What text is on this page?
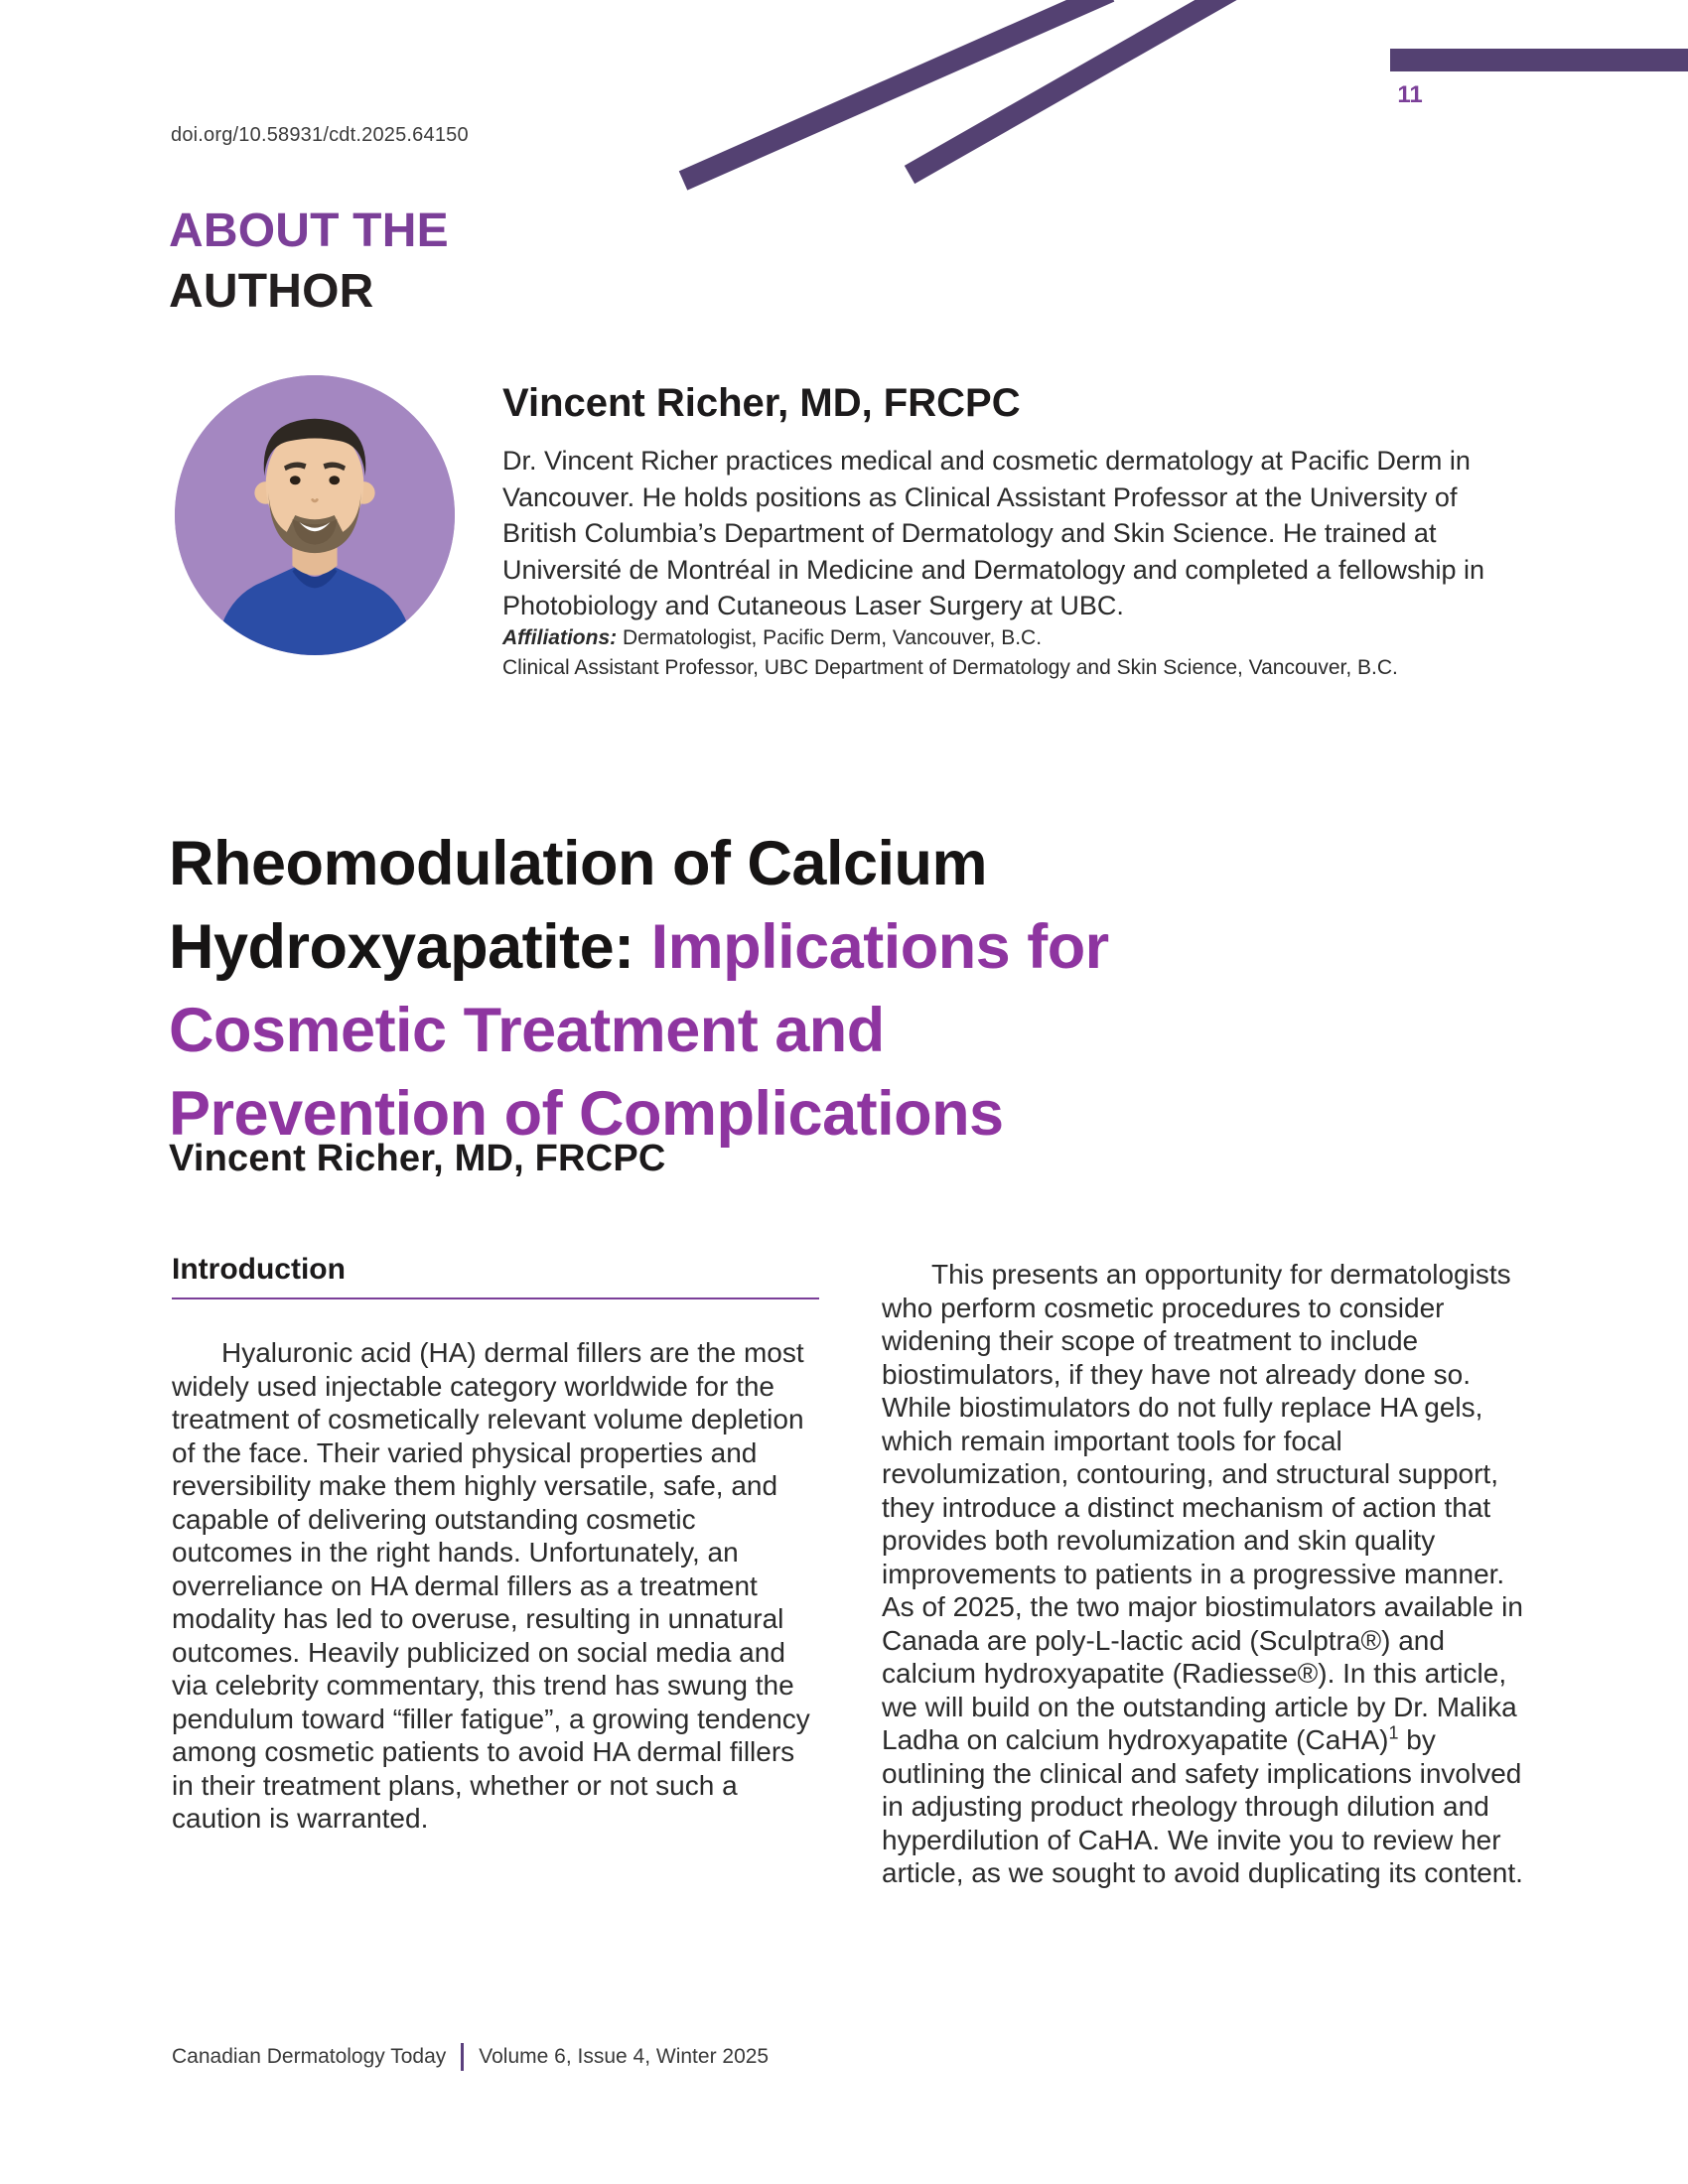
11
doi.org/10.58931/cdt.2025.64150
ABOUT THE
AUTHOR
Vincent Richer, MD, FRCPC
Dr. Vincent Richer practices medical and cosmetic dermatology at Pacific Derm in Vancouver. He holds positions as Clinical Assistant Professor at the University of British Columbia’s Department of Dermatology and Skin Science. He trained at Université de Montréal in Medicine and Dermatology and completed a fellowship in Photobiology and Cutaneous Laser Surgery at UBC.
Affiliations: Dermatologist, Pacific Derm, Vancouver, B.C.
Clinical Assistant Professor, UBC Department of Dermatology and Skin Science, Vancouver, B.C.
Rheomodulation of Calcium Hydroxyapatite: Implications for Cosmetic Treatment and Prevention of Complications
Vincent Richer, MD, FRCPC
Introduction

Hyaluronic acid (HA) dermal fillers are the most widely used injectable category worldwide for the treatment of cosmetically relevant volume depletion of the face. Their varied physical properties and reversibility make them highly versatile, safe, and capable of delivering outstanding cosmetic outcomes in the right hands. Unfortunately, an overreliance on HA dermal fillers as a treatment modality has led to overuse, resulting in unnatural outcomes. Heavily publicized on social media and via celebrity commentary, this trend has swung the pendulum toward “filler fatigue”, a growing tendency among cosmetic patients to avoid HA dermal fillers in their treatment plans, whether or not such a caution is warranted.

This presents an opportunity for dermatologists who perform cosmetic procedures to consider widening their scope of treatment to include biostimulators, if they have not already done so. While biostimulators do not fully replace HA gels, which remain important tools for focal revolumization, contouring, and structural support, they introduce a distinct mechanism of action that provides both revolumization and skin quality improvements to patients in a progressive manner. As of 2025, the two major biostimulators available in Canada are poly-L-lactic acid (Sculptra®) and calcium hydroxyapatite (Radiesse®). In this article, we will build on the outstanding article by Dr. Malika Ladha on calcium hydroxyapatite (CaHA)$^1$ by outlining the clinical and safety implications involved in adjusting product rheology through dilution and hyperdilution of CaHA. We invite you to review her article, as we sought to avoid duplicating its content.

Canadian Dermatology Today Volume 6, Issue 4, Winter 2025
